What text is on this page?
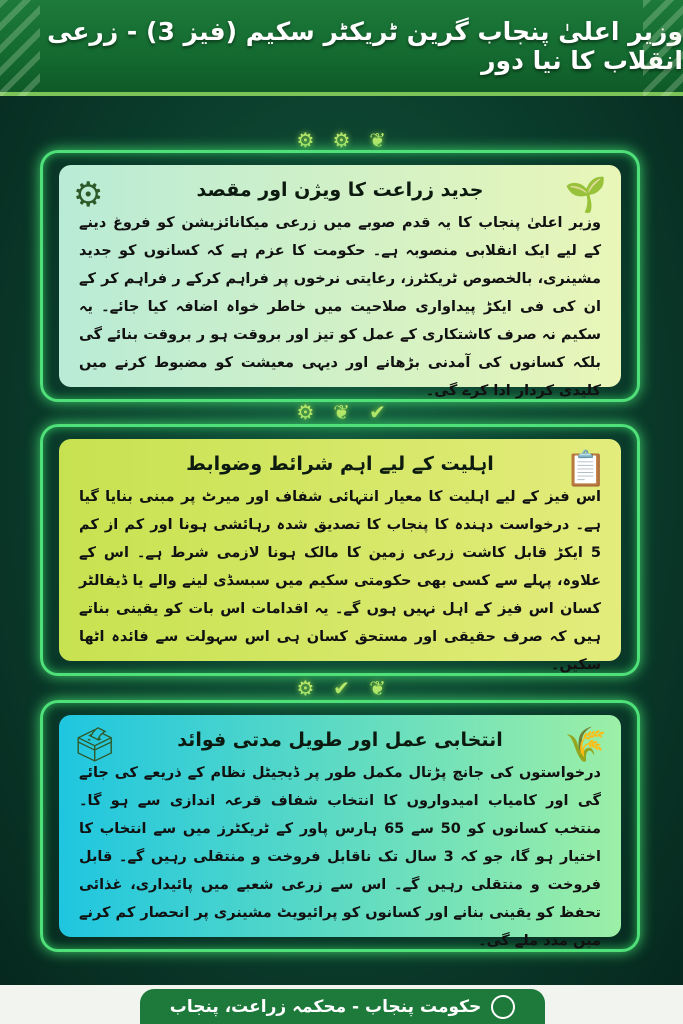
وزیر اعلیٰ پنجاب گرین ٹریکٹر سکیم (فیز 3) - زرعی انقلاب کا نیا دور
⚙ ⚙ ❦
🌱
⚙	جدید زراعت کا ویژن اور مقصد

وزیر اعلیٰ پنجاب کا یہ قدم صوبے میں زرعی میکانائزیشن کو فروغ دینے کے لیے ایک انقلابی منصوبہ ہے۔ حکومت کا عزم ہے کہ کسانوں کو جدید مشینری، بالخصوص ٹریکٹرز، رعایتی نرخوں پر فراہم کرکے ر فراہم کر کے ان کی فی ایکڑ پیداواری صلاحیت میں خاطر خواہ اضافہ کیا جائے۔ یہ سکیم نہ صرف کاشتکاری کے عمل کو تیز اور بروقت ہو ر بروقت بنائے گی بلکہ کسانوں کی آمدنی بڑھانے اور دیہی معیشت کو مضبوط کرنے میں کلیدی کردار ادا کرے گی۔

⚙ ❦ ✔
📋
اہلیت کے لیے اہم شرائط وضوابط

اس فیز کے لیے اہلیت کا معیار انتہائی شفاف اور میرٹ پر مبنی بنایا گیا ہے۔ درخواست دہندہ کا پنجاب کا تصدیق شدہ رہائشی ہونا اور کم از کم 5 ایکڑ قابل کاشت زرعی زمین کا مالک ہونا لازمی شرط ہے۔ اس کے علاوہ، پہلے سے کسی بھی حکومتی سکیم میں سبسڈی لینے والے یا ڈیفالٹر کسان اس فیز کے اہل نہیں ہوں گے۔ یہ اقدامات اس بات کو یقینی بناتے ہیں کہ صرف حقیقی اور مستحق کسان ہی اس سہولت سے فائدہ اٹھا سکیں۔

⚙ ✔ ❦
🌾
🗳	انتخابی عمل اور طویل مدتی فوائد

درخواستوں کی جانچ پڑتال مکمل طور پر ڈیجیٹل نظام کے ذریعے کی جائے گی اور کامیاب امیدواروں کا انتخاب شفاف قرعہ اندازی سے ہو گا۔ منتخب کسانوں کو 50 سے 65 ہارس پاور کے ٹریکٹرز میں سے انتخاب کا اختیار ہو گا، جو کہ 3 سال تک ناقابل فروخت و منتقلی رہیں گے۔ قابل فروخت و منتقلی رہیں گے۔ اس سے زرعی شعبے میں پائیداری، غذائی تحفظ کو یقینی بنانے اور کسانوں کو پرائیویٹ مشینری پر انحصار کم کرنے میں مدد ملے گی۔

حکومت پنجاب - محکمہ زراعت، پنجاب
